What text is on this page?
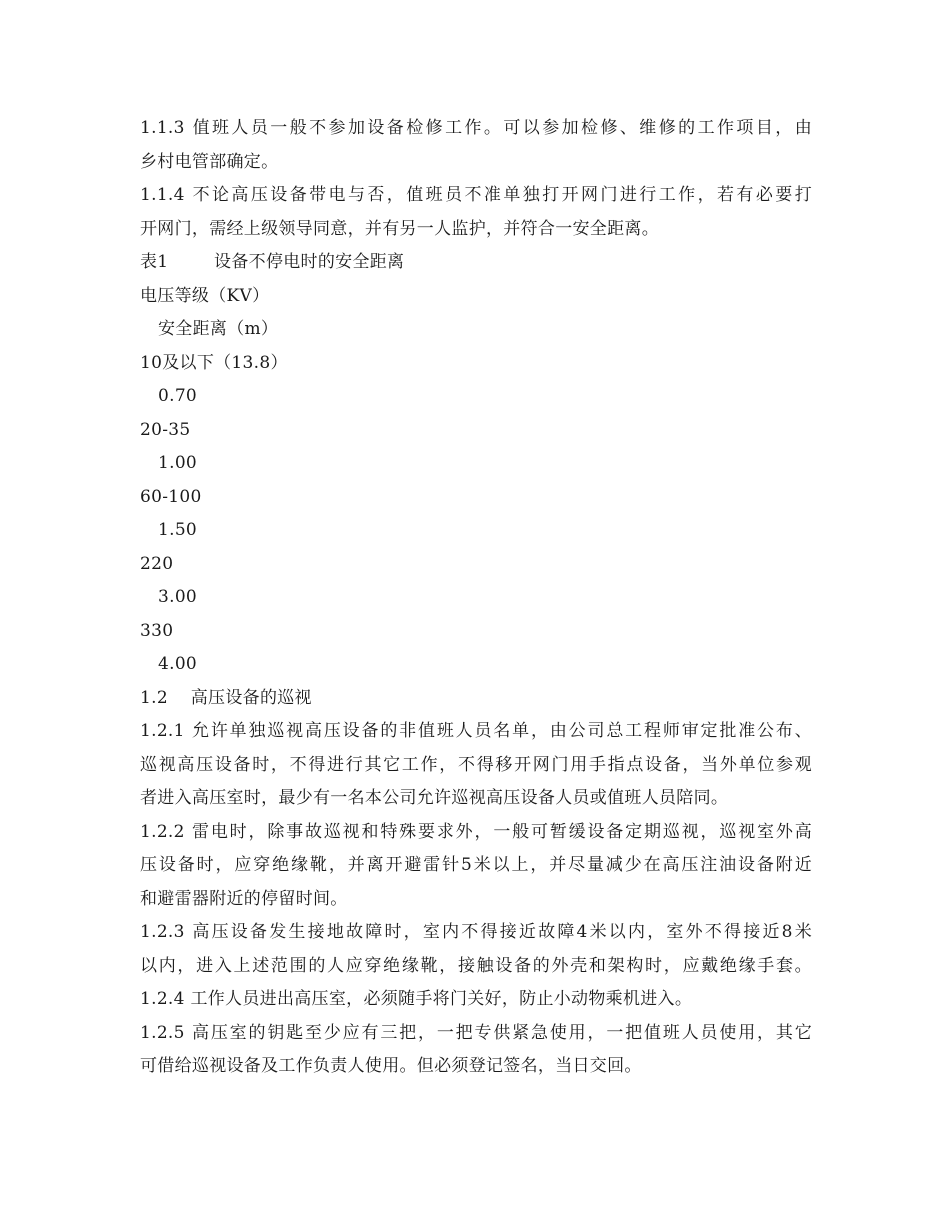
1.1.3 值班人员一般不参加设备检修工作。可以参加检修、维修的工作项目，由
乡村电管部确定。
1.1.4 不论高压设备带电与否，值班员不准单独打开网门进行工作，若有必要打
开网门，需经上级领导同意，并有另一人监护，并符合一安全距离。
表1        设备不停电时的安全距离
电压等级（KV）
安全距离（m）
10及以下（13.8）
0.70
20-35
1.00
60-100
1.50
220
3.00
330
4.00
1.2    高压设备的巡视
1.2.1 允许单独巡视高压设备的非值班人员名单，由公司总工程师审定批准公布、
巡视高压设备时，不得进行其它工作，不得移开网门用手指点设备，当外单位参观
者进入高压室时，最少有一名本公司允许巡视高压设备人员或值班人员陪同。
1.2.2 雷电时，除事故巡视和特殊要求外，一般可暂缓设备定期巡视，巡视室外高
压设备时，应穿绝缘靴，并离开避雷针5米以上，并尽量减少在高压注油设备附近
和避雷器附近的停留时间。
1.2.3 高压设备发生接地故障时，室内不得接近故障4米以内，室外不得接近8米
以内，进入上述范围的人应穿绝缘靴，接触设备的外壳和架构时，应戴绝缘手套。
1.2.4 工作人员进出高压室，必须随手将门关好，防止小动物乘机进入。
1.2.5 高压室的钥匙至少应有三把，一把专供紧急使用，一把值班人员使用，其它
可借给巡视设备及工作负责人使用。但必须登记签名，当日交回。
